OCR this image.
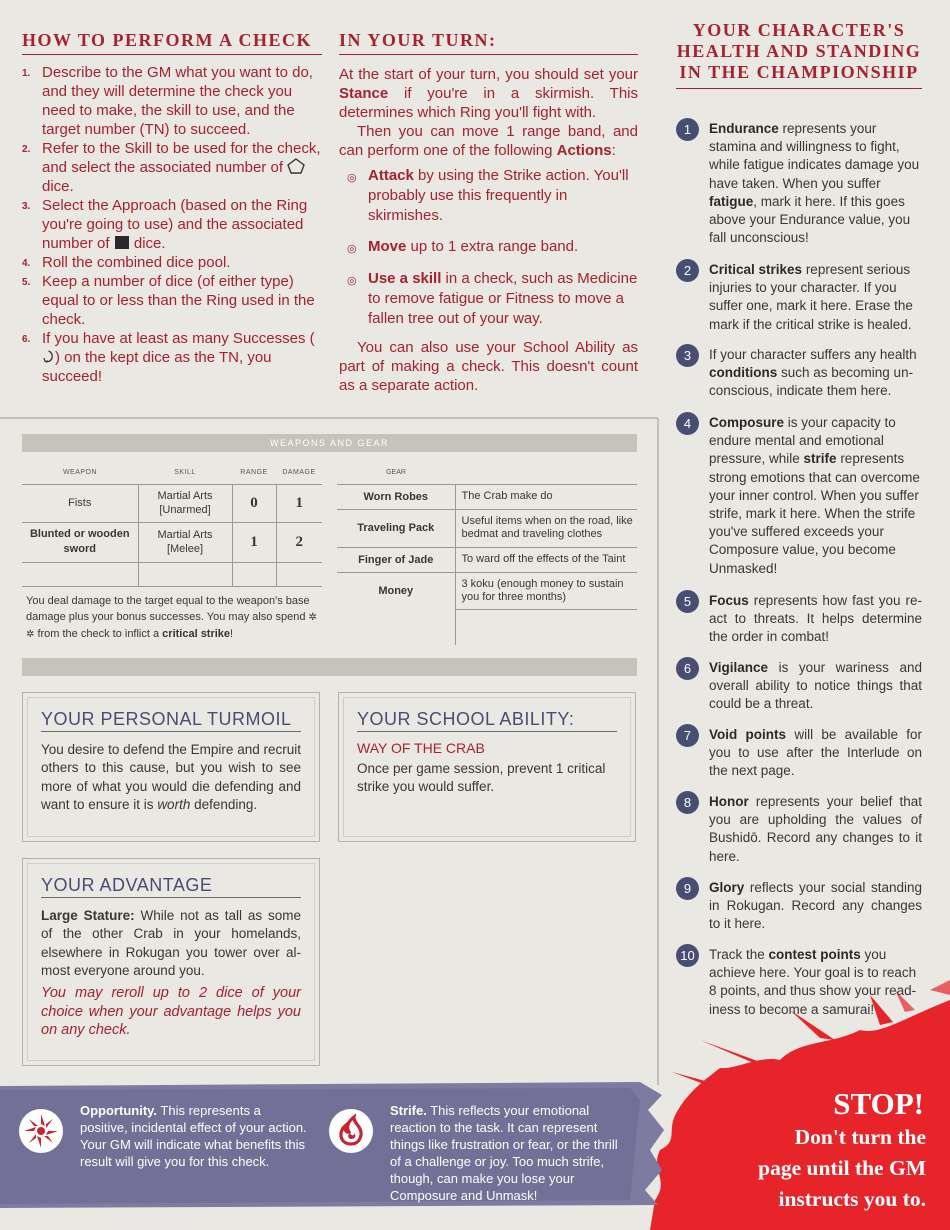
HOW TO PERFORM A CHECK
1. Describe to the GM what you want to do, and they will determine the check you need to make, the skill to use, and the target number (TN) to succeed.
2. Refer to the Skill to be used for the check, and select the associated number of  dice.
3. Select the Approach (based on the Ring you're going to use) and the associated number of  dice.
4. Roll the combined dice pool.
5. Keep a number of dice (of either type) equal to or less than the Ring used in the check.
6. If you have at least as many Successes () on the kept dice as the TN, you succeed!
IN YOUR TURN:

At the start of your turn, you should set your Stance if you're in a skirmish. This determines which Ring you'll fight with.

Then you can move 1 range band, and can perform one of the following Actions:

◎ Attack by using the Strike action. You'll probably use this frequently in skirmishes.
◎ Move up to 1 extra range band.
◎ Use a skill in a check, such as Medicine to remove fatigue or Fitness to move a fallen tree out of your way.

You can also use your School Ability as part of making a check. This doesn't count as a separate action.

YOUR CHARACTER'S HEALTH AND STANDING IN THE CHAMPIONSHIP
1	Endurance represents your stamina and willingness to fight, while fatigue indicates damage you have taken. When you suffer fatigue, mark it here. If this goes above your Endurance value, you fall unconscious!
2	Critical strikes represent serious injuries to your character. If you suffer one, mark it here. Erase the mark if the critical strike is healed.
3	If your character suffers any health conditions such as becoming unconscious, indicate them here.
4	Composure is your capacity to endure mental and emotional pressure, while strife represents strong emotions that can overcome your inner control. When you suffer strife, mark it here. When the strife you've suffered exceeds your Composure value, you become Unmasked!
5	Focus represents how fast you react to threats. It helps determine the order in combat!
6	Vigilance is your wariness and overall ability to notice things that could be a threat.
7	Void points will be available for you to use after the Interlude on the next page.
8	Honor represents your belief that you are upholding the values of Bushidō. Record any changes to it here.
9	Glory reflects your social standing in Rokugan. Record any changes to it here.
10	Track the contest points you achieve here. Your goal is to reach 8 points, and thus show your readiness to become a samurai!
WEAPONS AND GEAR
WEAPON	SKILL	RANGE	DAMAGE
Fists	Martial Arts [Unarmed]	0	1
Blunted or wooden sword	Martial Arts [Melee]	1	2

You deal damage to the target equal to the weapon's base damage plus your bonus successes. You may also spend ✲ ✲ from the check to inflict a critical strike!
GEAR	
Worn Robes	The Crab make do
Traveling Pack	Useful items when on the road, like bedmat and traveling clothes
Finger of Jade	To ward off the effects of the Taint
Money	3 koku (enough money to sustain you for three months)

YOUR PERSONAL TURMOIL
You desire to defend the Empire and recruit others to this cause, but you wish to see more of what you would die defending and want to ensure it is worth defending.
YOUR SCHOOL ABILITY:
WAY OF THE CRAB
Once per game session, prevent 1 critical strike you would suffer.
YOUR ADVANTAGE
Large Stature: While not as tall as some of the other Crab in your homelands, elsewhere in Rokugan you tower over almost everyone around you.
You may reroll up to 2 dice of your choice when your advantage helps you on any check.
Opportunity. This represents a positive, incidental effect of your action. Your GM will indicate what benefits this result will give you for this check.
Strife. This reflects your emotional reaction to the task. It can represent things like frustration or fear, or the thrill of a challenge or joy. Too much strife, though, can make you lose your Composure and Unmask!
STOP!
Don't turn the
page until the GM
instructs you to.
